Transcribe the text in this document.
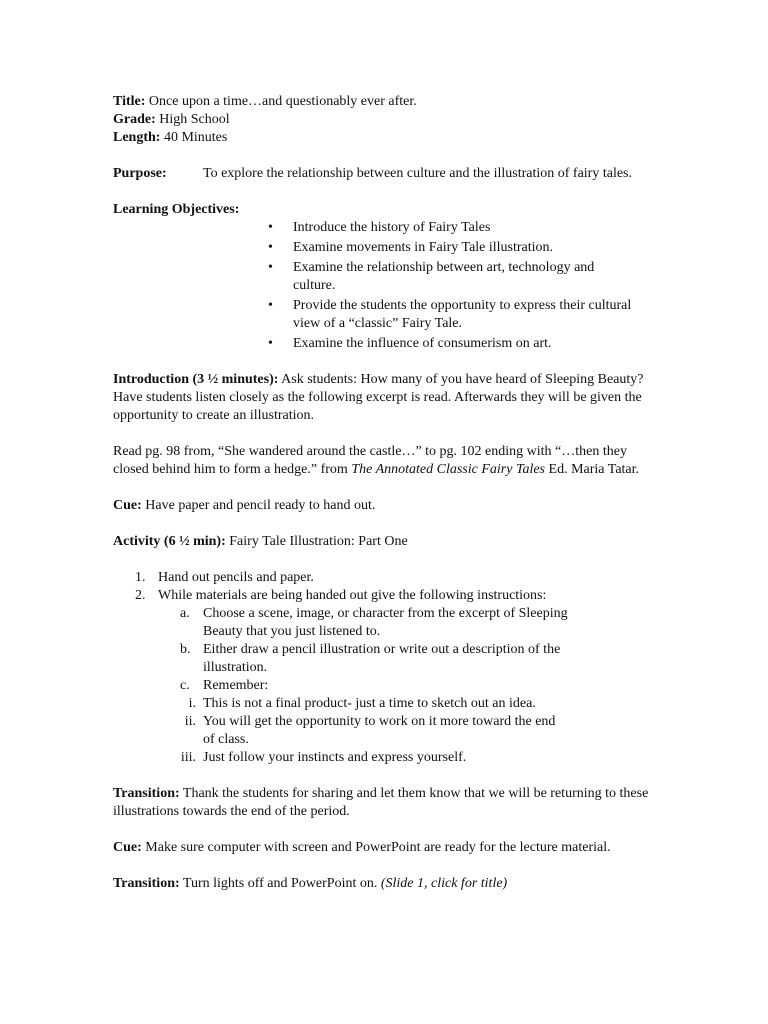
Title: Once upon a time…and questionably ever after.

Grade: High School

Length: 40 Minutes

Purpose:	To explore the relationship between culture and the illustration of fairy tales.

Learning Objectives:

• Introduce the history of Fairy Tales
• Examine movements in Fairy Tale illustration.
• Examine the relationship between art, technology and culture.
• Provide the students the opportunity to express their cultural view of a “classic” Fairy Tale.
• Examine the influence of consumerism on art.

Introduction (3 ½ minutes): Ask students: How many of you have heard of Sleeping Beauty? Have students listen closely as the following excerpt is read. Afterwards they will be given the opportunity to create an illustration.

Read pg. 98 from, “She wandered around the castle…” to pg. 102 ending with “…then they closed behind him to form a hedge.” from The Annotated Classic Fairy Tales Ed. Maria Tatar.

Cue: Have paper and pencil ready to hand out.

Activity (6 ½ min): Fairy Tale Illustration: Part One

1. Hand out pencils and paper.
2. While materials are being handed out give the following instructions:
a. Choose a scene, image, or character from the excerpt of Sleeping Beauty that you just listened to.
b. Either draw a pencil illustration or write out a description of the illustration.
c. Remember:
i. This is not a final product- just a time to sketch out an idea.
ii. You will get the opportunity to work on it more toward the end of class.
iii. Just follow your instincts and express yourself.

Transition: Thank the students for sharing and let them know that we will be returning to these illustrations towards the end of the period.

Cue: Make sure computer with screen and PowerPoint are ready for the lecture material.

Transition: Turn lights off and PowerPoint on. (Slide 1, click for title)
